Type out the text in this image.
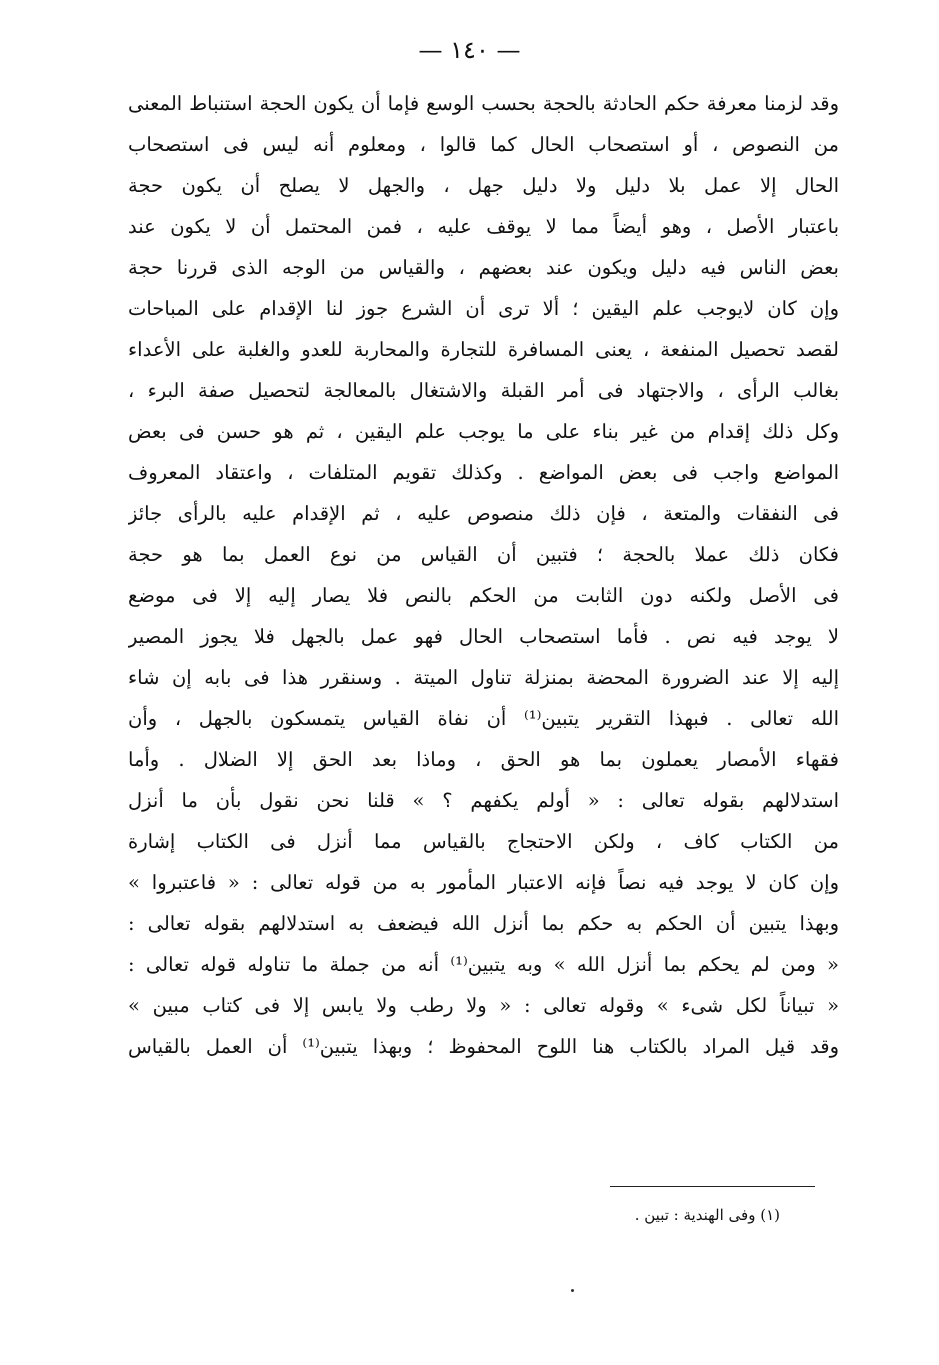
— ١٤٠ —
وقد لزمنا معرفة حكم الحادثة بالحجة بحسب الوسع فإما أن يكون الحجة استنباط المعنى
من النصوص ، أو استصحاب الحال كما قالوا ، ومعلوم أنه ليس فى استصحاب
الحال إلا عمل بلا دليل ولا دليل جهل ، والجهل لا يصلح أن يكون حجة
باعتبار الأصل ، وهو أيضاً مما لا يوقف عليه ، فمن المحتمل أن لا يكون عند
بعض الناس فيه دليل ويكون عند بعضهم ، والقياس من الوجه الذى قررنا حجة
وإن كان لايوجب علم اليقين ؛ ألا ترى أن الشرع جوز لنا الإقدام على المباحات
لقصد تحصيل المنفعة ، يعنى المسافرة للتجارة والمحاربة للعدو والغلبة على الأعداء
بغالب الرأى ، والاجتهاد فى أمر القبلة والاشتغال بالمعالجة لتحصيل صفة البرء ،
وكل ذلك إقدام من غير بناء على ما يوجب علم اليقين ، ثم هو حسن فى بعض
المواضع واجب فى بعض المواضع . وكذلك تقويم المتلفات ، واعتقاد المعروف
فى النفقات والمتعة ، فإن ذلك منصوص عليه ، ثم الإقدام عليه بالرأى جائز
فكان ذلك عملا بالحجة ؛ فتبين أن القياس من نوع العمل بما هو حجة
فى الأصل ولكنه دون الثابت من الحكم بالنص فلا يصار إليه إلا فى موضع
لا يوجد فيه نص . فأما استصحاب الحال فهو عمل بالجهل فلا يجوز المصير
إليه إلا عند الضرورة المحضة بمنزلة تناول الميتة . وسنقرر هذا فى بابه إن شاء
الله تعالى . فبهذا التقرير يتبين⁽¹⁾ أن نفاة القياس يتمسكون بالجهل ، وأن
فقهاء الأمصار يعملون بما هو الحق ، وماذا بعد الحق إلا الضلال . وأما
استدلالهم بقوله تعالى : « أولم يكفهم ؟ » قلنا نحن نقول بأن ما أنزل
من الكتاب كاف ، ولكن الاحتجاج بالقياس مما أنزل فى الكتاب إشارة
وإن كان لا يوجد فيه نصاً فإنه الاعتبار المأمور به من قوله تعالى : « فاعتبروا »
وبهذا يتبين أن الحكم به حكم بما أنزل الله فيضعف به استدلالهم بقوله تعالى :
« ومن لم يحكم بما أنزل الله » وبه يتبين⁽¹⁾ أنه من جملة ما تناوله قوله تعالى :
« تبياناً لكل شىء » وقوله تعالى : « ولا رطب ولا يابس إلا فى كتاب مبين »
وقد قيل المراد بالكتاب هنا اللوح المحفوظ ؛ وبهذا يتبين⁽¹⁾ أن العمل بالقياس
(١) وفى الهندية : تبين .
